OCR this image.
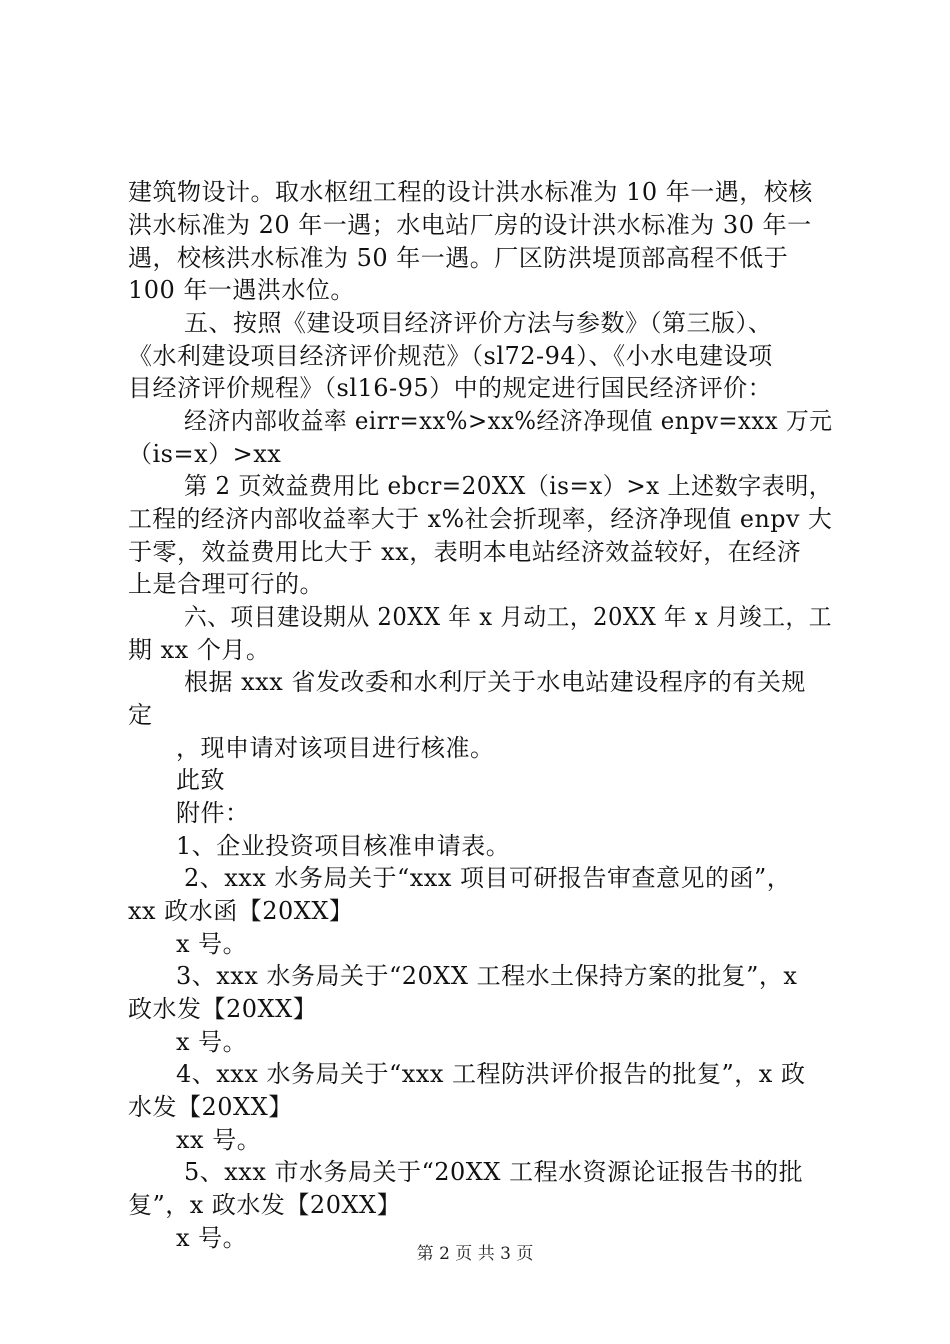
建筑物设计。取水枢纽工程的设计洪水标准为 10 年一遇，校核
洪水标准为 20 年一遇；水电站厂房的设计洪水标准为 30 年一
遇，校核洪水标准为 50 年一遇。厂区防洪堤顶部高程不低于
100 年一遇洪水位。
五、按照《建设项目经济评价方法与参数》（第三版）、
《水利建设项目经济评价规范》（sl72-94）、《小水电建设项
目经济评价规程》（sl16-95）中的规定进行国民经济评价：
经济内部收益率 eirr=xx%>xx%经济净现值 enpv=xxx 万元
（is=x）>xx
第 2 页效益费用比 ebcr=20XX（is=x）>x 上述数字表明，
工程的经济内部收益率大于 x%社会折现率，经济净现值 enpv 大
于零，效益费用比大于 xx，表明本电站经济效益较好，在经济
上是合理可行的。
六、项目建设期从 20XX 年 x 月动工，20XX 年 x 月竣工，工
期 xx 个月。
根据 xxx 省发改委和水利厅关于水电站建设程序的有关规
定
，现申请对该项目进行核准。
此致
附件：
1、企业投资项目核准申请表。
2、xxx 水务局关于“xxx 项目可研报告审查意见的函”，
xx 政水函【20XX】
x 号。
3、xxx 水务局关于“20XX 工程水土保持方案的批复”，x
政水发【20XX】
x 号。
4、xxx 水务局关于“xxx 工程防洪评价报告的批复”，x 政
水发【20XX】
xx 号。
5、xxx 市水务局关于“20XX 工程水资源论证报告书的批
复”，x 政水发【20XX】
x 号。
第 2 页 共 3 页
